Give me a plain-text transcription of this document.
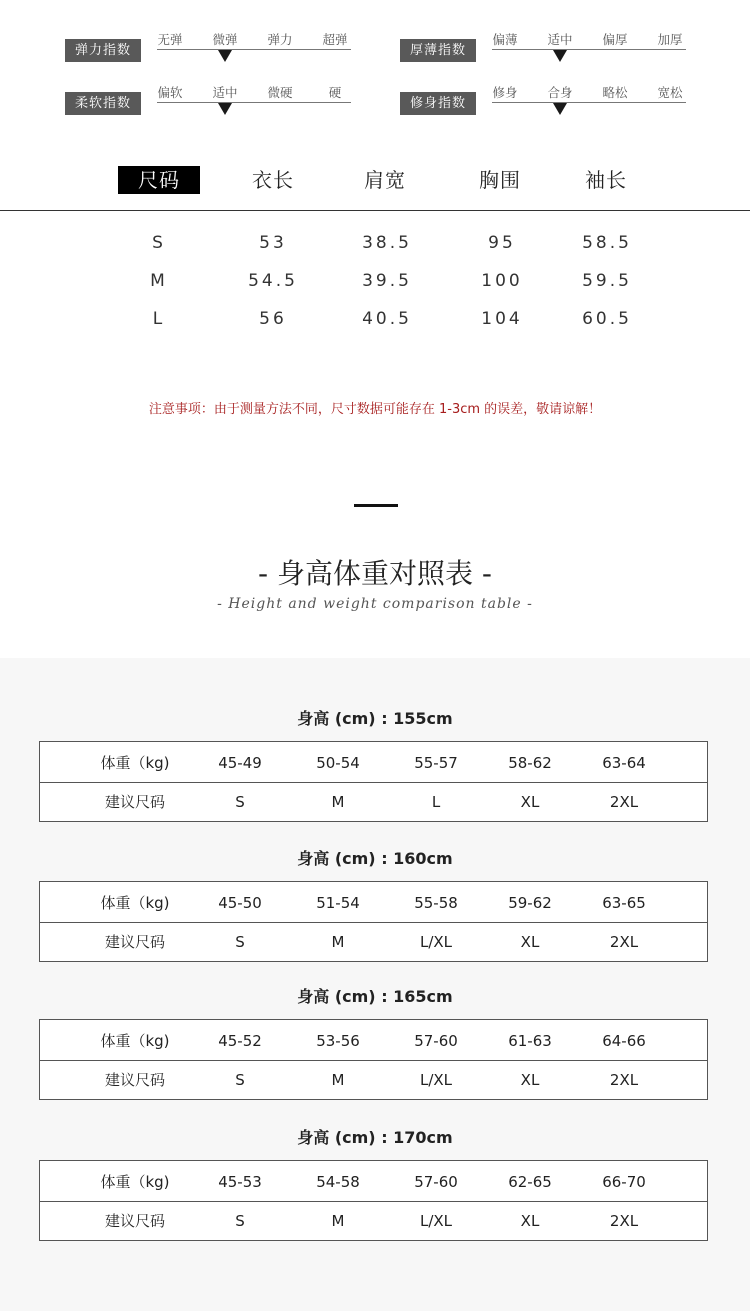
弹力指数
无弹	微弹	弹力	超弹
厚薄指数
偏薄	适中	偏厚	加厚
柔软指数
偏软	适中	微硬	硬
修身指数
修身	合身	略松	宽松
尺码	衣长	肩宽	胸围	袖长
S	53	38.5	95	58.5
M	54.5	39.5	100	59.5
L	56	40.5	104	60.5
注意事项：由于测量方法不同，尺寸数据可能存在 1-3cm 的误差，敬请谅解！
- 身高体重对照表 -
- Height and weight comparison table -
身高 (cm) : 155cm
体重（kg)	45-49	50-54	55-57	58-62	63-64
建议尺码	S	M	L	XL	2XL
身高 (cm) : 160cm
体重（kg)	45-50	51-54	55-58	59-62	63-65
建议尺码	S	M	L/XL	XL	2XL
身高 (cm) : 165cm
体重（kg)	45-52	53-56	57-60	61-63	64-66
建议尺码	S	M	L/XL	XL	2XL
身高 (cm) : 170cm
体重（kg)	45-53	54-58	57-60	62-65	66-70
建议尺码	S	M	L/XL	XL	2XL
